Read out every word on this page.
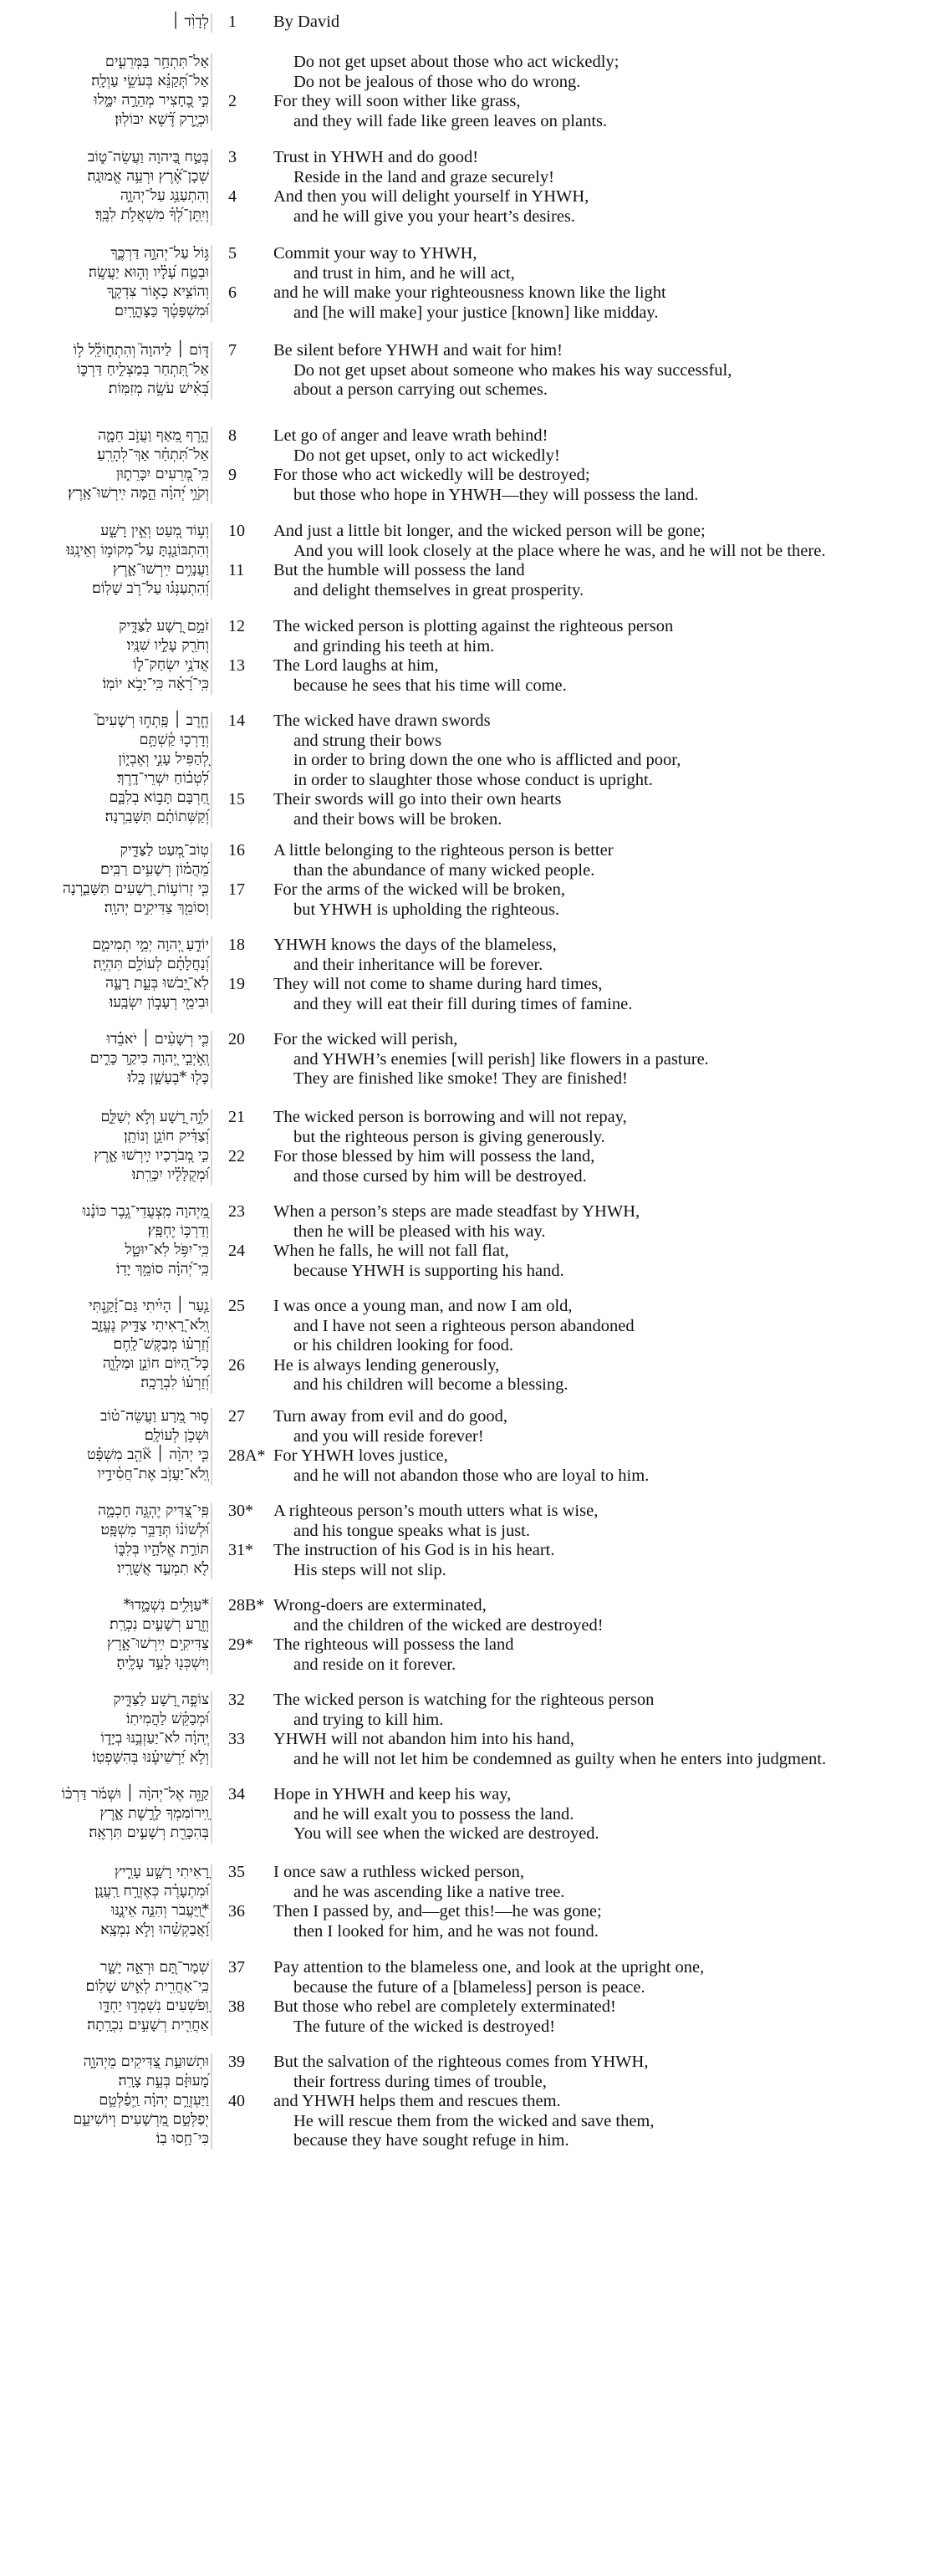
לְדָוִ֨ד ׀ 1 By David
אַל־תִּתְחַ֥ר בַּמְּרֵעִ֑ים
אַל־תְּ֝קַנֵּ֗א בְּעֹשֵׂ֥י עַוְלָֽה׃
כִּ֣י כֶ֭חָצִיר מְהֵרָ֣ה יִמָּ֑לוּ
וּכְיֶ֥רֶק דֶּ֝֗שֶׁא יִבּוֹלֽוּן׃
Do not get upset about those who act wickedly;
Do not be jealous of those who do wrong.
2 For they will soon wither like grass,
and they will fade like green leaves on plants.
בְּטַ֣ח בַּ֭יהוָה וַעֲשֵׂה־ט֑וֹב
שְׁכָן־אֶ֝֗רֶץ וּרְעֵ֥ה אֱמוּנָֽה׃
וְהִתְעַנַּ֥ג עַל־יְהוָ֑ה
וְיִֽתֶּן־לְ֝ךָ֗ מִשְׁאֲלֹ֥ת לִבֶּֽךָ׃
3 Trust in YHWH and do good!
Reside in the land and graze securely!
4 And then you will delight yourself in YHWH,
and he will give you your heart’s desires.
גּ֣וֹל עַל־יְהוָ֣ה דַּרְכֶּ֑ךָ
וּבְטַ֥ח עָ֝לָ֗יו וְה֣וּא יַעֲשֶֽׂה׃
וְהוֹצִ֣יא כָא֣וֹר צִדְקֶ֑ךָ
וּ֝מִשְׁפָּטֶ֗ךָ כַּצָּהֳרָֽיִם׃
5 Commit your way to YHWH,
and trust in him, and he will act,
6 and he will make your righteousness known like the light
and [he will make] your justice [known] like midday.
דּ֤וֹם ׀ לַיהוָה֮ וְהִתְח֪וֹלֵֽ֫ל ל֥וֹ
אַל־תִּ֭תְחַר בְּמַצְלִ֣יחַ דַּרְכּ֑וֹ
בְּ֝אִ֗ישׁ עֹשֶׂ֥ה מְזִמּֽוֹת׃
7 Be silent before YHWH and wait for him!
Do not get upset about someone who makes his way successful,
about a person carrying out schemes.
הֶ֣רֶף מֵ֭אַף וַעֲזֹ֣ב חֵמָ֑ה
אַל־תִּ֝תְחַ֗ר אַךְ־לְהָרֵֽעַ׃
כִּֽי־מְ֭רֵעִים יִכָּרֵת֑וּן
וְקֹוֵ֥י יְ֝הוָ֗ה הֵ֣מָּה יִֽירְשׁוּ־אָֽרֶץ׃
8 Let go of anger and leave wrath behind!
Do not get upset, only to act wickedly!
9 For those who act wickedly will be destroyed;
but those who hope in YHWH—they will possess the land.
וְע֣וֹד מְ֭עַט וְאֵ֣ין רָשָׁ֑ע
וְהִתְבּוֹנַ֖נְתָּ עַל־מְקוֹמ֣וֹ וְאֵינֶֽנּוּ׃
וַעֲנָוִ֥ים יִֽירְשׁוּ־אָ֑רֶץ
וְ֝הִתְעַנְּג֗וּ עַל־רֹ֥ב שָׁלֽוֹם׃
10 And just a little bit longer, and the wicked person will be gone;
And you will look closely at the place where he was, and he will not be there.
11 But the humble will possess the land
and delight themselves in great prosperity.
זֹמֵ֣ם רָ֭שָׁע לַצַּדִּ֑יק
וְחֹרֵ֖ק עָלָ֣יו שִׁנָּֽיו׃
אֲדֹנָ֥י יִשְׂחַק־ל֑וֹ
כִּֽי־רָ֝אָ֗ה כִּֽי־יָבֹ֥א יוֹמֽוֹ׃
12 The wicked person is plotting against the righteous person
and grinding his teeth at him.
13 The Lord laughs at him,
because he sees that his time will come.
חֶ֤רֶב ׀ פָּֽתְח֣וּ רְשָׁעִים֮
וְדָרְכ֪וּ קַ֫שְׁתָּ֥ם
לְ֭הַפִּיל עָנִ֣י וְאֶבְי֑וֹן
לִ֝טְב֗וֹחַ יִשְׁרֵי־דָֽרֶךְ׃
חַ֭רְבָּם תָּב֣וֹא בְלִבָּ֑ם
וְ֝קַשְּׁתוֹתָ֗ם תִּשָּׁבַֽרְנָה׃
14 The wicked have drawn swords
and strung their bows
in order to bring down the one who is afflicted and poor,
in order to slaughter those whose conduct is upright.
15 Their swords will go into their own hearts
and their bows will be broken.
טֽוֹב־מְ֭עַט לַצַּדִּ֑יק
מֵ֝הֲמ֗וֹן רְשָׁעִ֥ים רַבִּֽים׃
כִּ֤י זְרוֹע֣וֹת רְ֭שָׁעִים תִּשָּׁבַ֑רְנָה
וְסוֹמֵ֖ךְ צַדִּיקִ֣ים יְהוָֽה׃
16 A little belonging to the righteous person is better
than the abundance of many wicked people.
17 For the arms of the wicked will be broken,
but YHWH is upholding the righteous.
יוֹדֵ֣עַ יְ֭הוָה יְמֵ֣י תְמִימִ֑ם
וְ֝נַחֲלָתָ֗ם לְעוֹלָ֥ם תִּהְיֶֽה׃
לֹֽא־יֵ֭בֹשׁוּ בְּעֵ֣ת רָעָ֑ה
וּבִימֵ֖י רְעָב֣וֹן יִשְׂבָּֽעוּ׃
18 YHWH knows the days of the blameless,
and their inheritance will be forever.
19 They will not come to shame during hard times,
and they will eat their fill during times of famine.
כִּ֤י רְשָׁעִ֨ים ׀ יֹאבֵ֗דוּ
וְֽאֹ֣יְבֵ֣י יְ֭הוָה כִּיקַ֣ר כָּרִ֑ים
כָּל֖וּ *בֶעָשָׁ֣ן כָּֽלוּ׃
20 For the wicked will perish,
and YHWH’s enemies [will perish] like flowers in a pasture.
They are finished like smoke! They are finished!
לֹוֶ֣ה רָ֭שָׁע וְלֹ֣א יְשַׁלֵּ֑ם
וְ֝צַדִּ֗יק חוֹנֵ֥ן וְנוֹתֵֽן׃
כִּ֣י מְ֭בֹרָכָיו יִ֣ירְשׁוּ אָ֑רֶץ
וּ֝מְקֻלָּלָ֗יו יִכָּרֵֽתוּ׃
21 The wicked person is borrowing and will not repay,
but the righteous person is giving generously.
22 For those blessed by him will possess the land,
and those cursed by him will be destroyed.
מֵ֭יְהוָה מִֽצְעֲדֵי־גֶ֥בֶר כּוֹנָ֗נוּ
וְדַרְכּ֥וֹ יֶחְפָּֽץ׃
כִּֽי־יִפֹּ֥ל לֹֽא־יוּטָ֑ל
כִּֽי־יְ֝הוָ֗ה סוֹמֵ֥ךְ יָדֽוֹ׃
23 When a person’s steps are made steadfast by YHWH,
then he will be pleased with his way.
24 When he falls, he will not fall flat,
because YHWH is supporting his hand.
נַ֤עַר ׀ הָיִ֗יתִי גַּם־זָ֫קַ֥נְתִּי
וְֽלֹא־רָ֭אִיתִי צַדִּ֣יק נֶעֱזָ֑ב
וְ֝זַרְע֗וֹ מְבַקֶּשׁ־לָֽחֶם׃
כָּל־הַ֭יּוֹם חוֹנֵ֣ן וּמַלְוֶ֑ה
וְ֝זַרְע֗וֹ לִבְרָכָֽה׃
25 I was once a young man, and now I am old,
and I have not seen a righteous person abandoned
or his children looking for food.
26 He is always lending generously,
and his children will become a blessing.
ס֣וּר מֵ֭רָע וַעֲשֵׂה־ט֗וֹב
וּשְׁכֹ֥ן לְעוֹלָֽם׃
כִּ֤י יְהוָ֨ה ׀ אֹ֘הֵ֤ב מִשְׁפָּ֗ט
וְֽלֹא־יַעֲזֹ֥ב אֶת־חֲסִ֫ידָ֥יו
27 Turn away from evil and do good,
and you will reside forever!
28A* For YHWH loves justice,
and he will not abandon those who are loyal to him.
פִּֽי־צַ֭דִּיק יֶהְגֶּ֣ה חָכְמָ֑ה
וּ֝לְשׁוֹנ֗וֹ תְּדַבֵּ֥ר מִשְׁפָּֽט׃
תּוֹרַ֣ת אֱלֹהָ֣יו בְּלִבּ֑וֹ
לֹ֖א תִמְעַ֣ד אֲשֻׁרָֽיו׃
30* A righteous person’s mouth utters what is wise,
and his tongue speaks what is just.
31* The instruction of his God is in his heart.
His steps will not slip.
*עַוָּלִ֥ים נִשְׁמָ֑דוּ*
וְזֶ֖רַע רְשָׁעִ֣ים נִכְרָֽת׃
צַדִּיקִ֥ים יִֽירְשׁוּ־אָ֑רֶץ
וְיִשְׁכְּנ֖וּ לָעַ֣ד עָלֶֽיהָ׃
28B* Wrong-doers are exterminated,
and the children of the wicked are destroyed!
29* The righteous will possess the land
and reside on it forever.
צוֹפֶ֣ה רָ֭שָׁע לַצַּדִּ֑יק
וּ֝מְבַקֵּ֗שׁ לַהֲמִיתֽוֹ׃
יְֽהוָ֗ה לֹא־יַעַזְבֶ֥נּוּ בְיָד֑וֹ
וְלֹ֥א יַ֝רְשִׁיעֶ֗נּוּ בְּהִשָּׁפְטֽוֹ׃
32 The wicked person is watching for the righteous person
and trying to kill him.
33 YHWH will not abandon him into his hand,
and he will not let him be condemned as guilty when he enters into judgment.
קַוֵּ֤ה אֶל־יְהוָ֨ה ׀ וּשְׁמֹ֬ר דַּרְכּ֗וֹ
וִֽ֭ירוֹמִמְךָ לָרֶ֣שֶׁת אָ֑רֶץ
בְּהִכָּרֵ֖ת רְשָׁעִ֣ים תִּרְאֶֽה׃
34 Hope in YHWH and keep his way,
and he will exalt you to possess the land.
You will see when the wicked are destroyed.
רָ֭אִיתִי רָשָׁ֣ע עָרִ֑יץ
וּ֝מִתְעָרֶ֗ה כְּאֶזְרָ֥ח רַֽעֲנָֽן׃
*וַֽ֭יַּעֲבֹר וְהִנֵּ֣ה אֵינֶ֑נּוּ
וָ֝אֲבַקְשֵׁ֗הוּ וְלֹ֣א נִמְצָֽא׃
35 I once saw a ruthless wicked person,
and he was ascending like a native tree.
36 Then I passed by, and—get this!—he was gone;
then I looked for him, and he was not found.
שְׁמָר־תָּ֭ם וּרְאֵ֣ה יָשָׁ֑ר
כִּֽי־אַחֲרִ֖ית לְאִ֣ישׁ שָׁלֽוֹם׃
וּֽ֭פֹשְׁעִים נִשְׁמְד֣וּ יַחְדָּ֑ו
אַחֲרִ֖ית רְשָׁעִ֣ים נִכְרָֽתָה׃
37 Pay attention to the blameless one, and look at the upright one,
because the future of a [blameless] person is peace.
38 But those who rebel are completely exterminated!
The future of the wicked is destroyed!
וּתְשׁוּעַ֣ת צַ֭דִּיקִים מֵיְהוָ֑ה
מָ֝עוּזָּ֗ם בְּעֵ֣ת צָרָֽה׃
וַיַּעְזְרֵ֥ם יְהוָ֗ה וַֽיְפַ֫לְּטֵ֥ם
יְפַלְּטֵ֣ם מֵ֭רְשָׁעִים וְיוֹשִׁיעֵ֑ם
כִּי־חָ֥סוּ בֽוֹ׃
39 But the salvation of the righteous comes from YHWH,
their fortress during times of trouble,
40 and YHWH helps them and rescues them.
He will rescue them from the wicked and save them,
because they have sought refuge in him.
